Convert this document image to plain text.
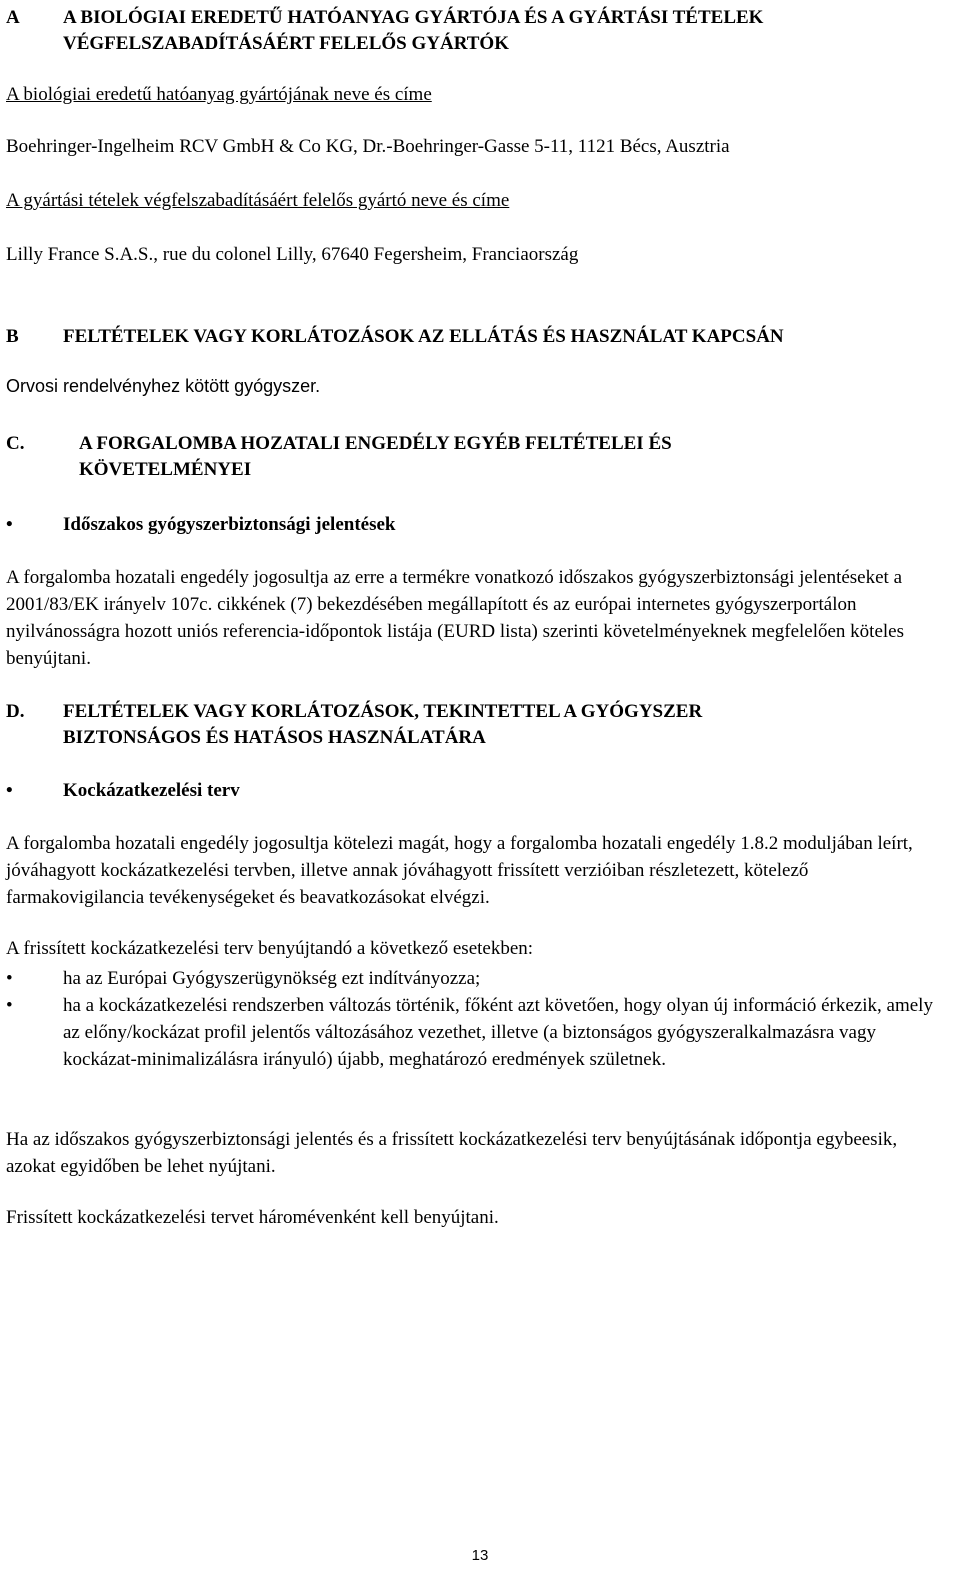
A A BIOLÓGIAI EREDETŰ HATÓANYAG GYÁRTÓJA ÉS A GYÁRTÁSI TÉTELEK
VÉGFELSZABADÍTÁSÁÉRT FELELŐS GYÁRTÓK
A biológiai eredetű hatóanyag gyártójának neve és címe
Boehringer-Ingelheim RCV GmbH & Co KG, Dr.-Boehringer-Gasse 5-11, 1121 Bécs, Ausztria
A gyártási tételek végfelszabadításáért felelős gyártó neve és címe
Lilly France S.A.S., rue du colonel Lilly, 67640 Fegersheim, Franciaország
B FELTÉTELEK VAGY KORLÁTOZÁSOK AZ ELLÁTÁS ÉS HASZNÁLAT KAPCSÁN
Orvosi rendelvényhez kötött gyógyszer.
C.	A FORGALOMBA HOZATALI ENGEDÉLY EGYÉB FELTÉTELEI ÉS
KÖVETELMÉNYEI
•	Időszakos gyógyszerbiztonsági jelentések
A forgalomba hozatali engedély jogosultja az erre a termékre vonatkozó időszakos gyógyszerbiztonsági jelentéseket a 2001/83/EK irányelv 107c. cikkének (7) bekezdésében megállapított és az európai internetes gyógyszerportálon nyilvánosságra hozott uniós referencia-időpontok listája (EURD lista) szerinti követelményeknek megfelelően köteles benyújtani.
D. FELTÉTELEK VAGY KORLÁTOZÁSOK, TEKINTETTEL A GYÓGYSZER
BIZTONSÁGOS ÉS HATÁSOS HASZNÁLATÁRA
•	Kockázatkezelési terv
A forgalomba hozatali engedély jogosultja kötelezi magát, hogy a forgalomba hozatali engedély 1.8.2 moduljában leírt, jóváhagyott kockázatkezelési tervben, illetve annak jóváhagyott frissített verzióiban részletezett, kötelező farmakovigilancia tevékenységeket és beavatkozásokat elvégzi.
A frissített kockázatkezelési terv benyújtandó a következő esetekben:
•	ha az Európai Gyógyszerügynökség ezt indítványozza;
•	ha a kockázatkezelési rendszerben változás történik, főként azt követően, hogy olyan új információ érkezik, amely az előny/kockázat profil jelentős változásához vezethet, illetve (a biztonságos gyógyszeralkalmazásra vagy kockázat-minimalizálásra irányuló) újabb, meghatározó eredmények születnek.
Ha az időszakos gyógyszerbiztonsági jelentés és a frissített kockázatkezelési terv benyújtásának időpontja egybeesik, azokat egyidőben be lehet nyújtani.
Frissített kockázatkezelési tervet háromévenként kell benyújtani.
13
